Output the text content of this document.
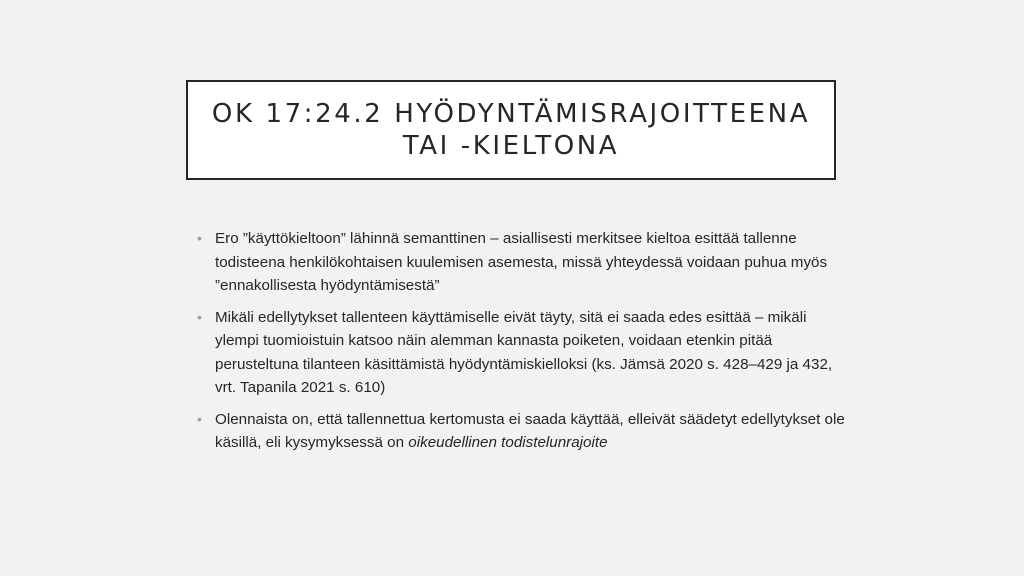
OK 17:24.2 HYÖDYNTÄMISRAJOITTEENA
TAI -KIELTONA
• Ero ”käyttökieltoon” lähinnä semanttinen – asiallisesti merkitsee kieltoa esittää tallenne todisteena henkilökohtaisen kuulemisen asemesta, missä yhteydessä voidaan puhua myös ”ennakollisesta hyödyntämisestä”
• Mikäli edellytykset tallenteen käyttämiselle eivät täyty, sitä ei saada edes esittää – mikäli ylempi tuomioistuin katsoo näin alemman kannasta poiketen, voidaan etenkin pitää perusteltuna tilanteen käsittämistä hyödyntämiskielloksi (ks. Jämsä 2020 s. 428–429 ja 432, vrt. Tapanila 2021 s. 610)
• Olennaista on, että tallennettua kertomusta ei saada käyttää, elleivät säädetyt edellytykset ole käsillä, eli kysymyksessä on oikeudellinen todistelunrajoite
